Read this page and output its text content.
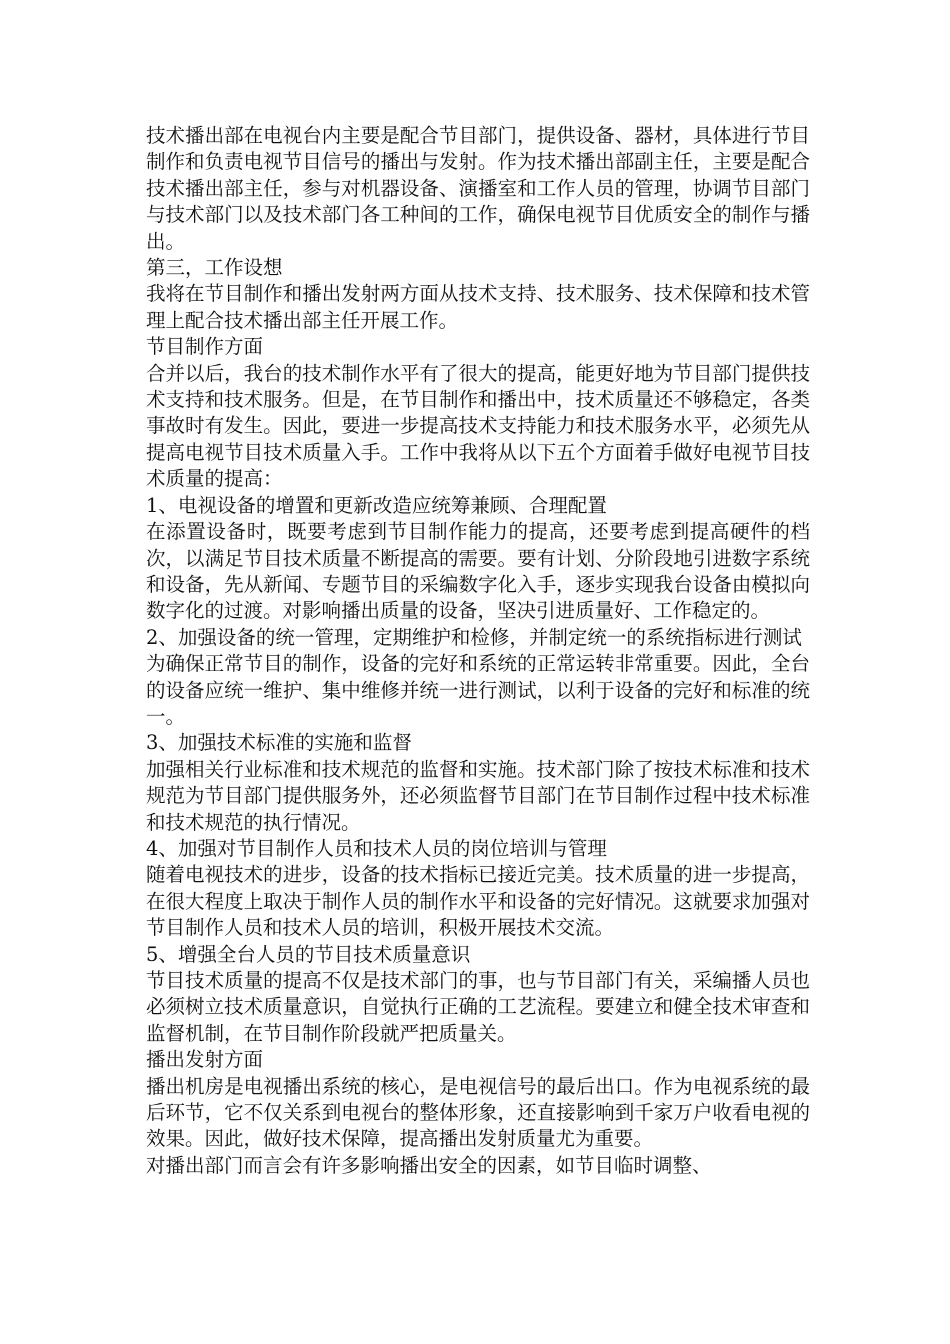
技术播出部在电视台内主要是配合节目部门，提供设备、器材，具体进行节目制作和负责电视节目信号的播出与发射。作为技术播出部副主任，主要是配合技术播出部主任，参与对机器设备、演播室和工作人员的管理，协调节目部门与技术部门以及技术部门各工种间的工作，确保电视节目优质安全的制作与播出。

第三，工作设想

我将在节目制作和播出发射两方面从技术支持、技术服务、技术保障和技术管理上配合技术播出部主任开展工作。

节目制作方面

合并以后，我台的技术制作水平有了很大的提高，能更好地为节目部门提供技术支持和技术服务。但是，在节目制作和播出中，技术质量还不够稳定，各类事故时有发生。因此，要进一步提高技术支持能力和技术服务水平，必须先从提高电视节目技术质量入手。工作中我将从以下五个方面着手做好电视节目技术质量的提高：

1、电视设备的增置和更新改造应统筹兼顾、合理配置

在添置设备时，既要考虑到节目制作能力的提高，还要考虑到提高硬件的档次，以满足节目技术质量不断提高的需要。要有计划、分阶段地引进数字系统和设备，先从新闻、专题节目的采编数字化入手，逐步实现我台设备由模拟向数字化的过渡。对影响播出质量的设备，坚决引进质量好、工作稳定的。

2、加强设备的统一管理，定期维护和检修，并制定统一的系统指标进行测试

为确保正常节目的制作，设备的完好和系统的正常运转非常重要。因此，全台的设备应统一维护、集中维修并统一进行测试，以利于设备的完好和标准的统一。

3、加强技术标准的实施和监督

加强相关行业标准和技术规范的监督和实施。技术部门除了按技术标准和技术规范为节目部门提供服务外，还必须监督节目部门在节目制作过程中技术标准和技术规范的执行情况。

4、加强对节目制作人员和技术人员的岗位培训与管理

随着电视技术的进步，设备的技术指标已接近完美。技术质量的进一步提高，在很大程度上取决于制作人员的制作水平和设备的完好情况。这就要求加强对节目制作人员和技术人员的培训，积极开展技术交流。

5、增强全台人员的节目技术质量意识

节目技术质量的提高不仅是技术部门的事，也与节目部门有关，采编播人员也必须树立技术质量意识，自觉执行正确的工艺流程。要建立和健全技术审查和监督机制，在节目制作阶段就严把质量关。

播出发射方面

播出机房是电视播出系统的核心，是电视信号的最后出口。作为电视系统的最后环节，它不仅关系到电视台的整体形象，还直接影响到千家万户收看电视的效果。因此，做好技术保障，提高播出发射质量尤为重要。

对播出部门而言会有许多影响播出安全的因素，如节目临时调整、
